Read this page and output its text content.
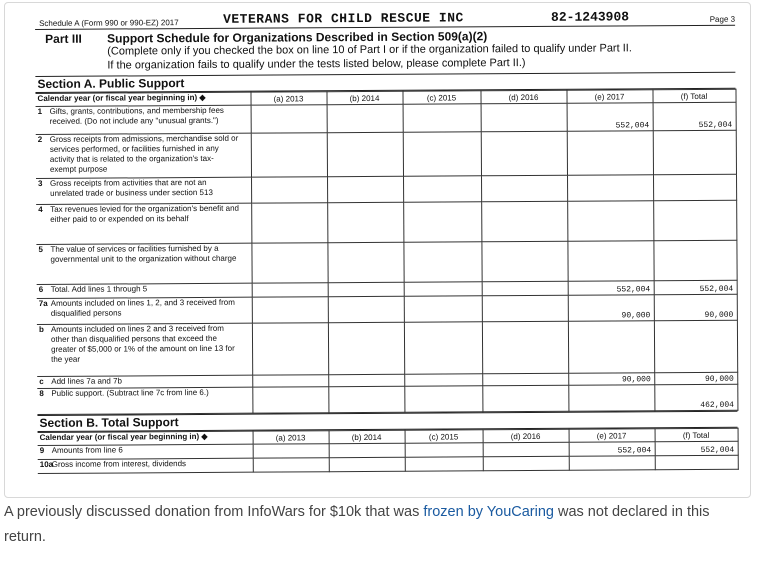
Schedule A (Form 990 or 990-EZ) 2017	VETERANS FOR CHILD RESCUE INC	82-1243908	Page 3
Part III Support Schedule for Organizations Described in Section 509(a)(2)
(Complete only if you checked the box on line 10 of Part I or if the organization failed to qualify under Part II.
If the organization fails to qualify under the tests listed below, please complete Part II.)
Section A. Public Support
Calendar year (or fiscal year beginning in) ◆	(a) 2013	(b) 2014	(c) 2015	(d) 2016	(e) 2017	(f) Total
1 Gifts, grants, contributions, and membership fees received. (Do not include any "unusual grants.")					552,004	552,004
2 Gross receipts from admissions, merchandise sold or services performed, or facilities furnished in any activity that is related to the organization's tax-exempt purpose						
3 Gross receipts from activities that are not an unrelated trade or business under section 513						
4 Tax revenues levied for the organization's benefit and either paid to or expended on its behalf						
5 The value of services or facilities furnished by a governmental unit to the organization without charge						
6 Total. Add lines 1 through 5					552,004	552,004
7a Amounts included on lines 1, 2, and 3 received from disqualified persons					90,000	90,000
b Amounts included on lines 2 and 3 received from other than disqualified persons that exceed the greater of $5,000 or 1% of the amount on line 13 for the year						
c Add lines 7a and 7b					90,000	90,000
8 Public support. (Subtract line 7c from line 6.)						462,004
Section B. Total Support
Calendar year (or fiscal year beginning in) ◆	(a) 2013	(b) 2014	(c) 2015	(d) 2016	(e) 2017	(f) Total
9 Amounts from line 6					552,004	552,004
10aGross income from interest, dividends						
A previously discussed donation from InfoWars for $10k that was frozen by YouCaring was not declared in this return.
